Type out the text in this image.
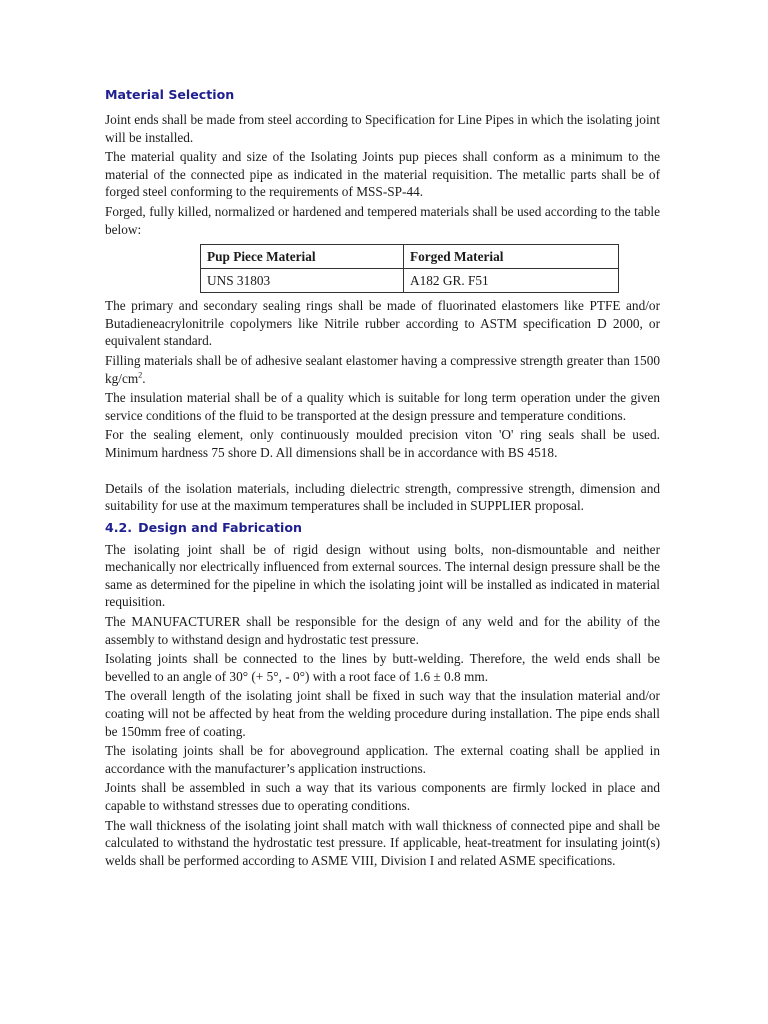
Material Selection

Joint ends shall be made from steel according to Specification for Line Pipes in which the isolating joint will be installed.

The material quality and size of the Isolating Joints pup pieces shall conform as a minimum to the material of the connected pipe as indicated in the material requisition. The metallic parts shall be of forged steel conforming to the requirements of MSS-SP-44.

Forged, fully killed, normalized or hardened and tempered materials shall be used according to the table below:

Pup Piece Material	Forged Material
UNS 31803	A182 GR. F51

The primary and secondary sealing rings shall be made of fluorinated elastomers like PTFE and/or Butadieneacrylonitrile copolymers like Nitrile rubber according to ASTM specification D 2000, or equivalent standard.

Filling materials shall be of adhesive sealant elastomer having a compressive strength greater than 1500 $kg/cm^2$.

The insulation material shall be of a quality which is suitable for long term operation under the given service conditions of the fluid to be transported at the design pressure and temperature conditions.

For the sealing element, only continuously moulded precision viton 'O' ring seals shall be used. Minimum hardness 75 shore D. All dimensions shall be in accordance with BS 4518.

Details of the isolation materials, including dielectric strength, compressive strength, dimension and suitability for use at the maximum temperatures shall be included in SUPPLIER proposal.

4.2. Design and Fabrication

The isolating joint shall be of rigid design without using bolts, non-dismountable and neither mechanically nor electrically influenced from external sources. The internal design pressure shall be the same as determined for the pipeline in which the isolating joint will be installed as indicated in material requisition.

The MANUFACTURER shall be responsible for the design of any weld and for the ability of the assembly to withstand design and hydrostatic test pressure.

Isolating joints shall be connected to the lines by butt-welding. Therefore, the weld ends shall be bevelled to an angle of 30° (+ 5°, - 0°) with a root face of 1.6 ± 0.8 mm.

The overall length of the isolating joint shall be fixed in such way that the insulation material and/or coating will not be affected by heat from the welding procedure during installation. The pipe ends shall be 150mm free of coating.

The isolating joints shall be for aboveground application. The external coating shall be applied in accordance with the manufacturer’s application instructions.

Joints shall be assembled in such a way that its various components are firmly locked in place and capable to withstand stresses due to operating conditions.

The wall thickness of the isolating joint shall match with wall thickness of connected pipe and shall be calculated to withstand the hydrostatic test pressure. If applicable, heat-treatment for insulating joint(s) welds shall be performed according to ASME VIII, Division I and related ASME specifications.
